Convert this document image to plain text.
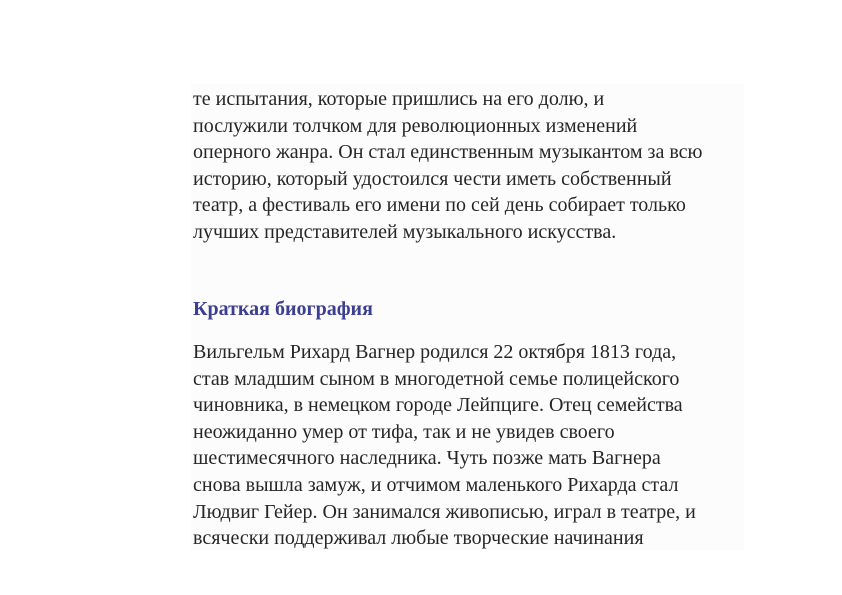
те испытания, которые пришлись на его долю, и
послужили толчком для революционных изменений
оперного жанра. Он стал единственным музыкантом за всю
историю, который удостоился чести иметь собственный
театр, а фестиваль его имени по сей день собирает только
лучших представителей музыкального искусства.

Краткая биография

Вильгельм Рихард Вагнер родился 22 октября 1813 года,
став младшим сыном в многодетной семье полицейского
чиновника, в немецком городе Лейпциге. Отец семейства
неожиданно умер от тифа, так и не увидев своего
шестимесячного наследника. Чуть позже мать Вагнера
снова вышла замуж, и отчимом маленького Рихарда стал
Людвиг Гейер. Он занимался живописью, играл в театре, и
всячески поддерживал любые творческие начинания
